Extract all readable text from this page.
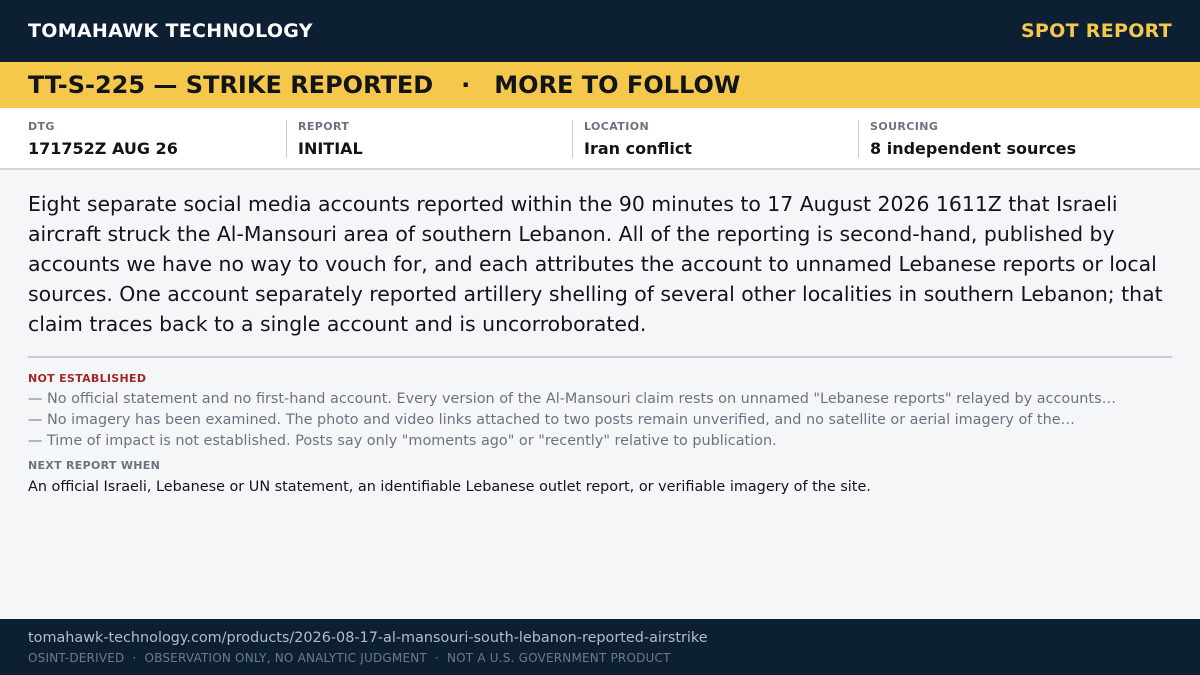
TOMAHAWK TECHNOLOGY	SPOT REPORT
TT-S-225 — STRIKE REPORTED · MORE TO FOLLOW
DTG
171752Z AUG 26
REPORT
INITIAL
LOCATION
Iran conflict
SOURCING
8 independent sources
Eight separate social media accounts reported within the 90 minutes to 17 August 2026 1611Z that Israeli aircraft struck the Al-Mansouri area of southern Lebanon. All of the reporting is second-hand, published by accounts we have no way to vouch for, and each attributes the account to unnamed Lebanese reports or local sources. One account separately reported artillery shelling of several other localities in southern Lebanon; that claim traces back to a single account and is uncorroborated.
NOT ESTABLISHED
— No official statement and no first-hand account. Every version of the Al-Mansouri claim rests on unnamed "Lebanese reports" relayed by accounts…
— No imagery has been examined. The photo and video links attached to two posts remain unverified, and no satellite or aerial imagery of the…
— Time of impact is not established. Posts say only "moments ago" or "recently" relative to publication.
NEXT REPORT WHEN
An official Israeli, Lebanese or UN statement, an identifiable Lebanese outlet report, or verifiable imagery of the site.
tomahawk-technology.com/products/2026-08-17-al-mansouri-south-lebanon-reported-airstrike
OSINT-DERIVED · OBSERVATION ONLY, NO ANALYTIC JUDGMENT · NOT A U.S. GOVERNMENT PRODUCT
